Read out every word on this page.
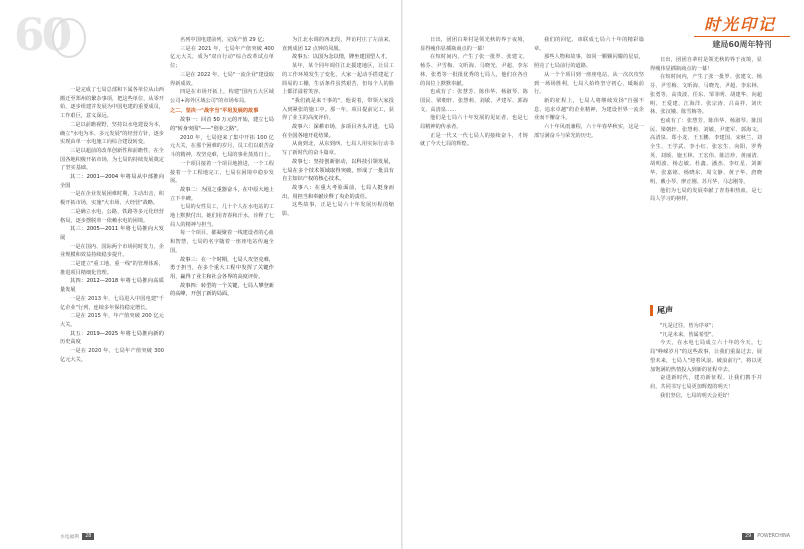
60	时光印记
建局60周年特刊

一是完成了七局总部和下属各单位从山西搬迁至郑州的繁杂事项，把这些单位，从零开始，逐步组建并发展为中国电建的重要成员，工作艰巨，意义深远。

二是以前瞻视野，坚持以水电建设为本，确立"水电为本、多元发展"的经营方针，逐步实现由单一水电施工向综合建设转变。

三是以超前的改革创新性和前瞻性，在全国各地积极开拓市场，为七局的持续发展奠定了坚实基础。

其二：2001—2004 年将局从中部推向全国

一是在企业发展困难时期，主动出击，积极开拓市场，实施"大市场、大经营"战略。

二是确立水电、公路、铁路等多元化经营格局，逐步摆脱单一依赖水电的困境。

其三：2005—2011 年将七局推向大发展

一是在国内、国际两个市场同时发力，企业规模和效益持续稳步提升。

二是建立"重工地、重一线"的管理体系，推进项目精细化管理。

其四：2012—2018 年将七局推向高质量发展

一是在 2013 年，七局进入中国电建"千亿企业"行列，连续多年保持稳定增长。

二是在 2015 年，年产值突破 200 亿元大关。

其五：2019—2025 年将七局推向新的历史高度

一是在 2020 年，七局年产值突破 300 亿元大关。

名列中国电建前列，完成产值 29 亿；

三是在 2021 年，七局年产值突破 400 亿元大关，成为"双百行动"综合改革试点单位；

三是在 2022 年，七局"一流企业"建设取得新成效。

四是在市场开拓上，构建"国内五大区域公司+海外区域公司"的市场布局。

之二、坚决一"战字当"平坦发展的故事

故事一：回首 50 万元的开始，建立七局的"转身突围"——"创业之路"。

2010 年，七局迎来了集中开拓 100 亿元大关，在那个困难的岁月，员工们以艰苦奋斗的精神，攻坚克难，七局的事业蒸蒸日上。

一个项目接着一个项目地推进，一个工程接着一个工程地完工，七局在困境中稳步发展。

故事二：为国之重器奋斗，在中原大地上立下丰碑。

七局的女性员工，几十个人在水电站的工地上默默付出，她们用青春和汗水，诠释了七局人的精神与担当。

每一个项目，都凝聚着一线建设者的心血和智慧，七局的名字随着一座座电站传遍全国。

故事三：在一个时期，七局人攻坚克难，勇于担当，在多个重大工程中发挥了关键作用，赢得了业主和社会各界的高度评价。

故事四：转型的一个关键，七局人攀登新的高峰，开创了新的局面。

为江北水调的西北段，拜访村庄了左前来，直到成团 12 点钟的凤凰。

故事五：以国为念以情，牌坐建国型人才。

某年，某个同年调任江北援建地区，让员工的工作环境发生了变化，大家一起动手搭建起了简易的工棚，生活条件虽然艰苦，但每个人的脸上都洋溢着笑容。

"我们就是来干事的"，他说着，带领大家投入到紧张的施工中。那一年，项目提前完工，获得了业主的高度评价。

故事六：深耕市场，多项目齐头并进，七局在全国各地开花结果。

从南到北，从东到西，七局人用实际行动书写了新时代的奋斗篇章。

故事七：坚持创新驱动，以科技引领发展，七局在多个技术领域取得突破，形成了一批具有自主知识产权的核心技术。

故事八：在重大考验面前，七局人挺身而出，用担当和奉献诠释了央企的责任。

这些故事，正是七局六十年发展历程的缩影。

日出，团团白辈村是领光秋的界于夜境，显得瘦伟显插瓶商点的一幕！

在短时间内，产生了张一批罗、张建文、杨芬、尹雪梅、文昕海、马晓光、尹超、李东林、张勇等一批批优秀的七局人，他们在各自的岗位上默默奉献。

也或有了：张慧芳、陈伟华、杨淑琴、陈国民、梁朝轩、张慧莉、刘敏、尹建军、郭海文、高清泉……

他们是七局六十年发展的见证者，也是七局精神的传承者。

正是一代又一代七局人的接续奋斗，才铸就了今天七局的辉煌。

我们的回忆，串联成七局六十年的精彩篇章。

那些人物和故事，如同一颗颗闪耀的星辰，照亮了七局前行的道路。

从一个个项目到一座座电站，从一次次攻坚到一场场胜利，七局人始终坚守初心，砥砺前行。

新的征程上，七局人将继续发扬"自强不息、追求卓越"的企业精神，为建设世界一流企业而不懈奋斗。

六十年风雨兼程，六十年春华秋实，这是一部写满奋斗与荣光的历史。

日出，团团自辈村是领光秋的界于夜境，显得瘦伟显插瓶商点的一幕！

在短时间内，产生了张一批罗、张建文、杨芬、尹雪梅、文昕海、马晓光、尹超、李东林、张勇等，高贵波、任东、邹菲明、胡建华、向超明、王爱建、江海洋、张宗涛、吕高祥、刘庆林、张汉娥、陈雪梅等。

也或有了：张慧芳、陈伟华、杨淑琴、陈国民、梁朝轩、张慧莉、刘敏、尹建军、郭海文、高清泉、郑小龙、王玉鹏、李建国、宋秋兰、刘全生、王学武、李小红、张宏生、向阳、罗秀英、刘颂、施玉林、王宏伟、陈洁珍、黄丽清、胡明波、杨志敏、杜鑫、潘杰、李红星、刘新华、张嘉铭、杨晓东、周文静、黄子华、唐晓明、戴小琴、廖正刚、苏月华、马志刚等。

他们为七局的发展奉献了青春和热血，是七局人学习的榜样。

尾声

"凡是过往，皆为序章"；

"凡是未来，皆属希望"。

今天，在水电七局成立六十年的今天，七局"峥嵘岁月"的这些故事，让我们重温过去，展望未来，七局人"迎着风浪、破浪前行"，将以更加饱满的热情投入到新的征程中去。

奋进新时代，建功新征程。让我们携手并肩，共同书写七局更加辉煌的明天！

我们坚信，七局的明天会更好！

水电福利	28	29	POWERCHINA
